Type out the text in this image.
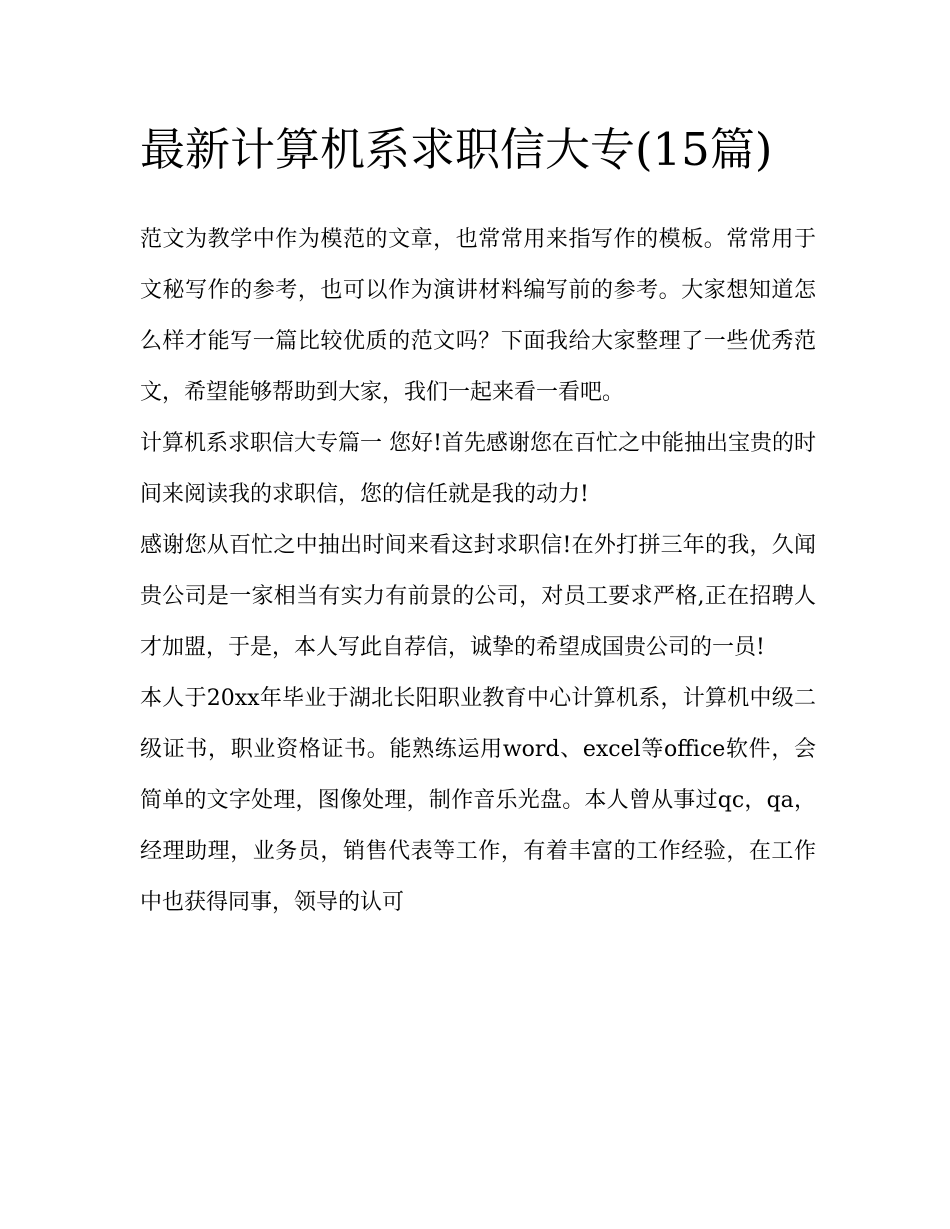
最新计算机系求职信大专(15篇)

范文为教学中作为模范的文章，也常常用来指写作的模板。常常用于文秘写作的参考，也可以作为演讲材料编写前的参考。大家想知道怎么样才能写一篇比较优质的范文吗？下面我给大家整理了一些优秀范文，希望能够帮助到大家，我们一起来看一看吧。

计算机系求职信大专篇一 您好!首先感谢您在百忙之中能抽出宝贵的时间来阅读我的求职信，您的信任就是我的动力!

感谢您从百忙之中抽出时间来看这封求职信!在外打拼三年的我，久闻贵公司是一家相当有实力有前景的公司，对员工要求严格,正在招聘人才加盟，于是，本人写此自荐信，诚挚的希望成国贵公司的一员!

本人于20xx年毕业于湖北长阳职业教育中心计算机系，计算机中级二级证书，职业资格证书。能熟练运用word、excel等office软件，会简单的文字处理，图像处理，制作音乐光盘。本人曾从事过qc，qa，经理助理，业务员，销售代表等工作，有着丰富的工作经验，在工作中也获得同事，领导的认可
